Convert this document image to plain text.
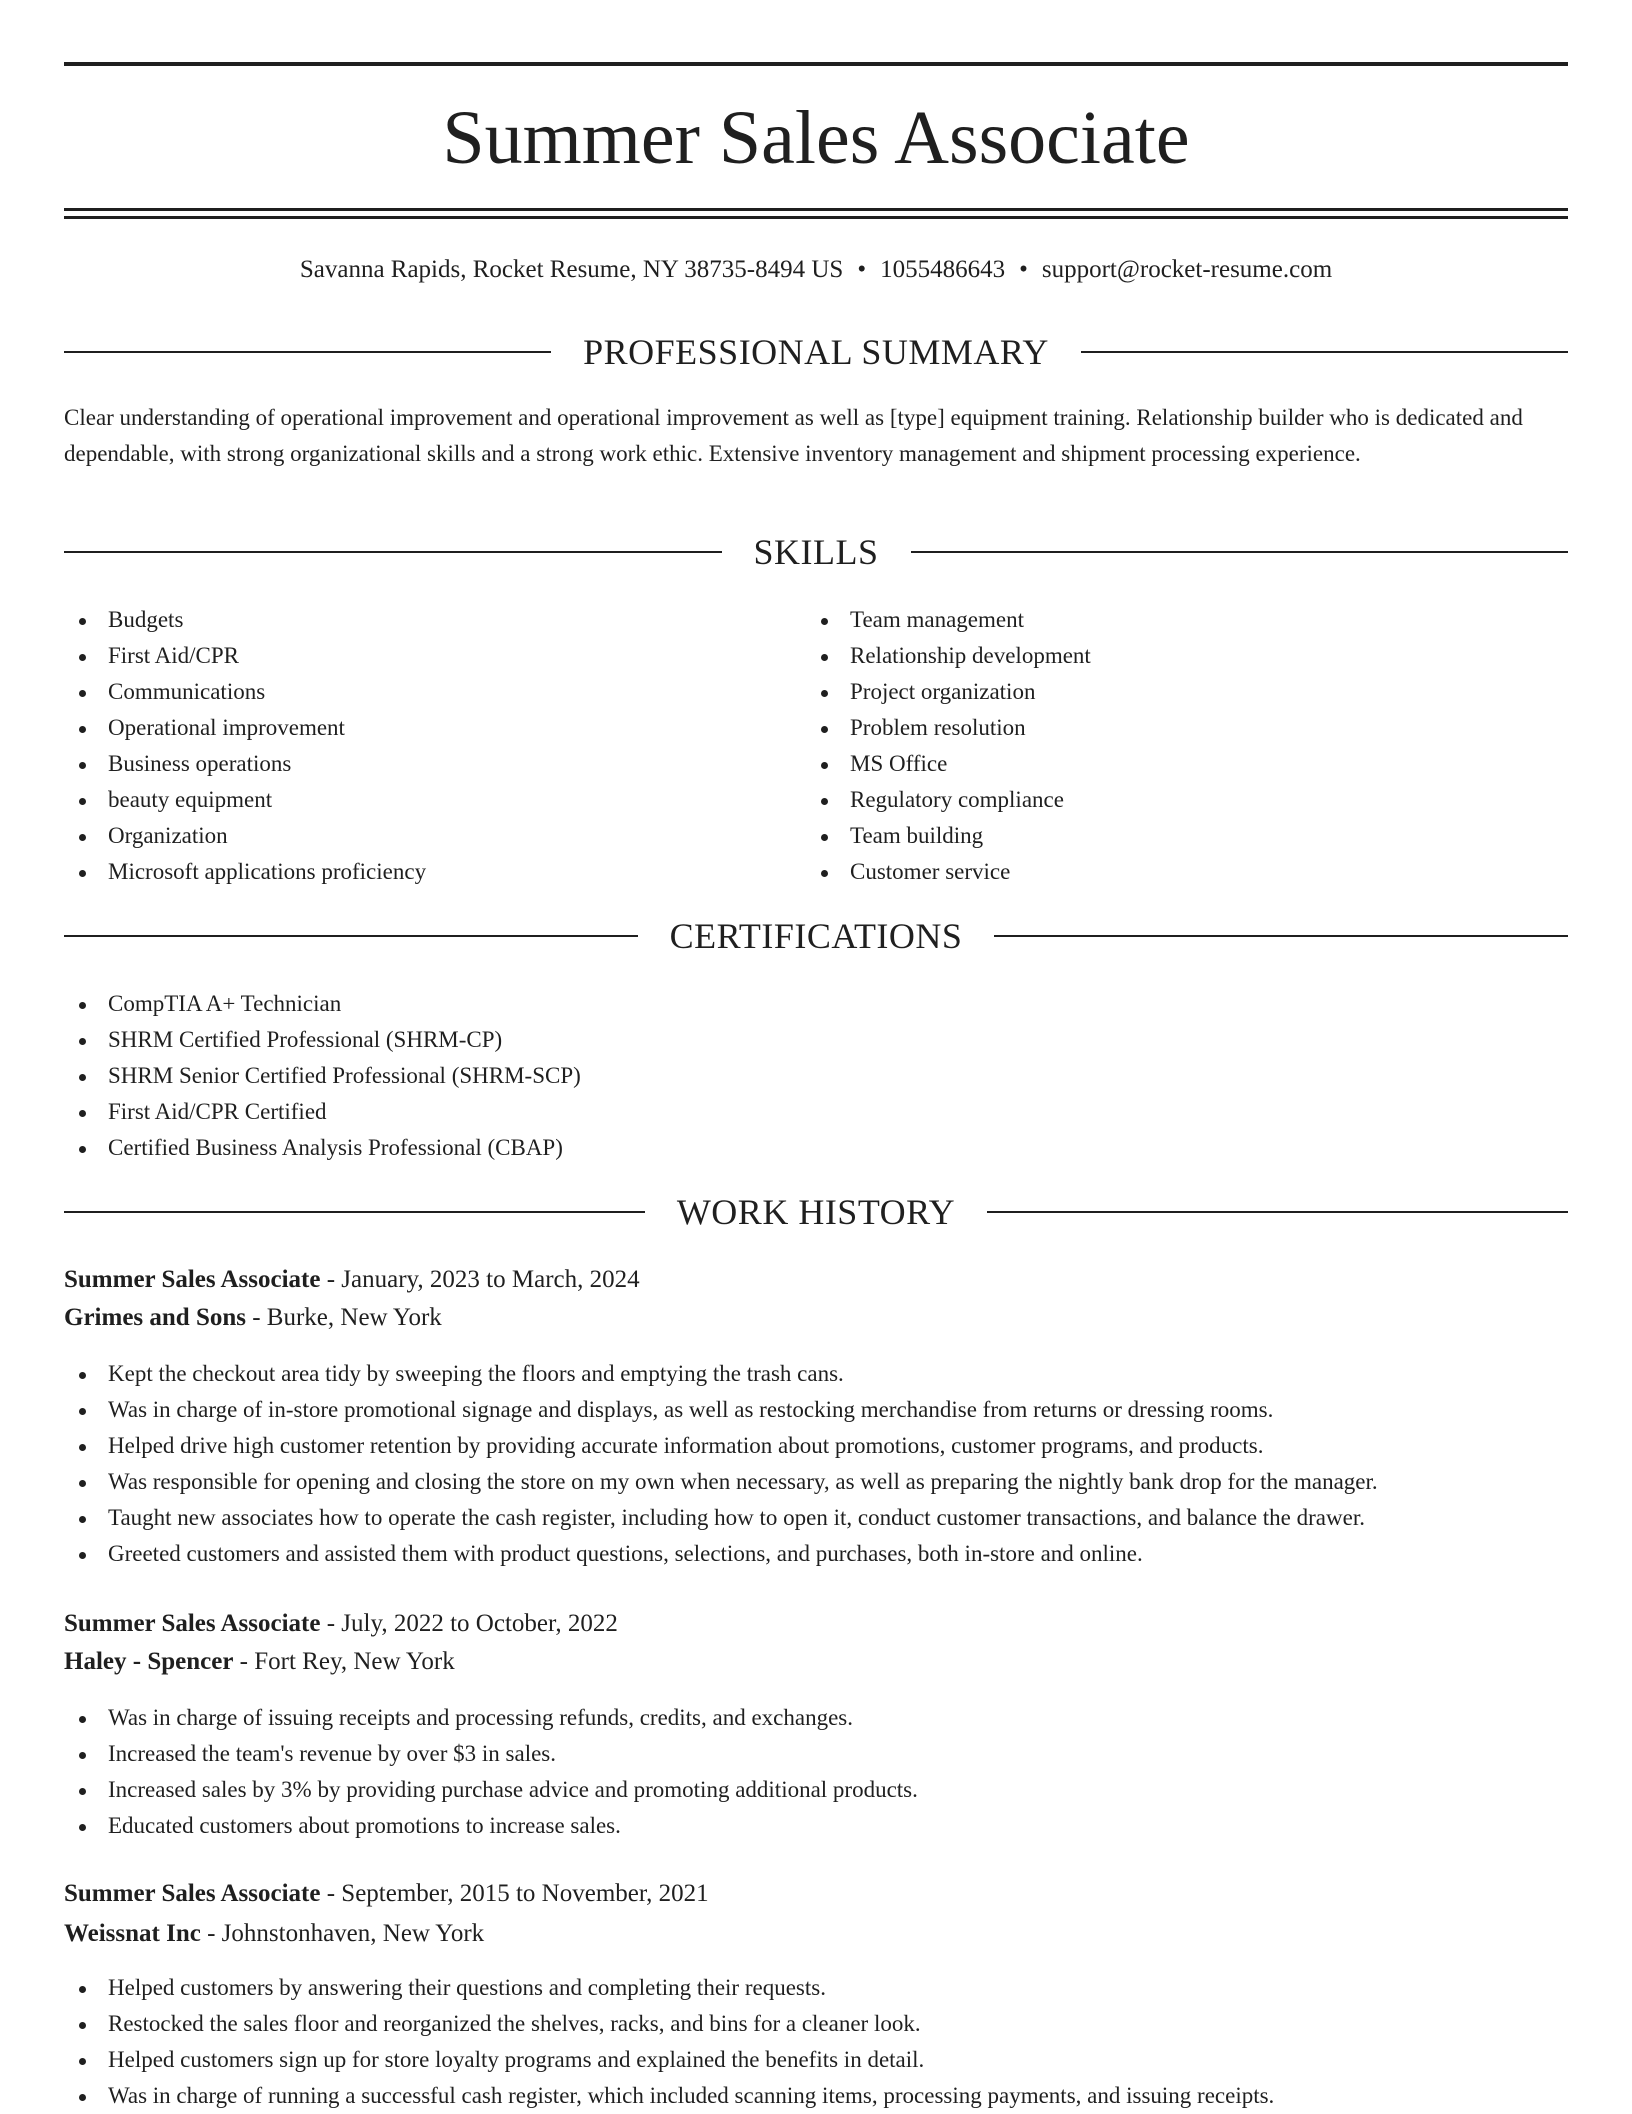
Summer Sales Associate
Savanna Rapids, Rocket Resume, NY 38735-8494 US • 1055486643 • support@rocket-resume.com
PROFESSIONAL SUMMARY

Clear understanding of operational improvement and operational improvement as well as [type] equipment training. Relationship builder who is dedicated and dependable, with strong organizational skills and a strong work ethic. Extensive inventory management and shipment processing experience.

SKILLS
Budgets
First Aid/CPR
Communications
Operational improvement
Business operations
beauty equipment
Organization
Microsoft applications proficiency
Team management
Relationship development
Project organization
Problem resolution
MS Office
Regulatory compliance
Team building
Customer service
CERTIFICATIONS
CompTIA A+ Technician
SHRM Certified Professional (SHRM-CP)
SHRM Senior Certified Professional (SHRM-SCP)
First Aid/CPR Certified
Certified Business Analysis Professional (CBAP)
WORK HISTORY
Summer Sales Associate - January, 2023 to March, 2024
Grimes and Sons - Burke, New York
Kept the checkout area tidy by sweeping the floors and emptying the trash cans.
Was in charge of in-store promotional signage and displays, as well as restocking merchandise from returns or dressing rooms.
Helped drive high customer retention by providing accurate information about promotions, customer programs, and products.
Was responsible for opening and closing the store on my own when necessary, as well as preparing the nightly bank drop for the manager.
Taught new associates how to operate the cash register, including how to open it, conduct customer transactions, and balance the drawer.
Greeted customers and assisted them with product questions, selections, and purchases, both in-store and online.
Summer Sales Associate - July, 2022 to October, 2022
Haley - Spencer - Fort Rey, New York
Was in charge of issuing receipts and processing refunds, credits, and exchanges.
Increased the team's revenue by over $3 in sales.
Increased sales by 3% by providing purchase advice and promoting additional products.
Educated customers about promotions to increase sales.
Summer Sales Associate - September, 2015 to November, 2021
Weissnat Inc - Johnstonhaven, New York
Helped customers by answering their questions and completing their requests.
Restocked the sales floor and reorganized the shelves, racks, and bins for a cleaner look.
Helped customers sign up for store loyalty programs and explained the benefits in detail.
Was in charge of running a successful cash register, which included scanning items, processing payments, and issuing receipts.
